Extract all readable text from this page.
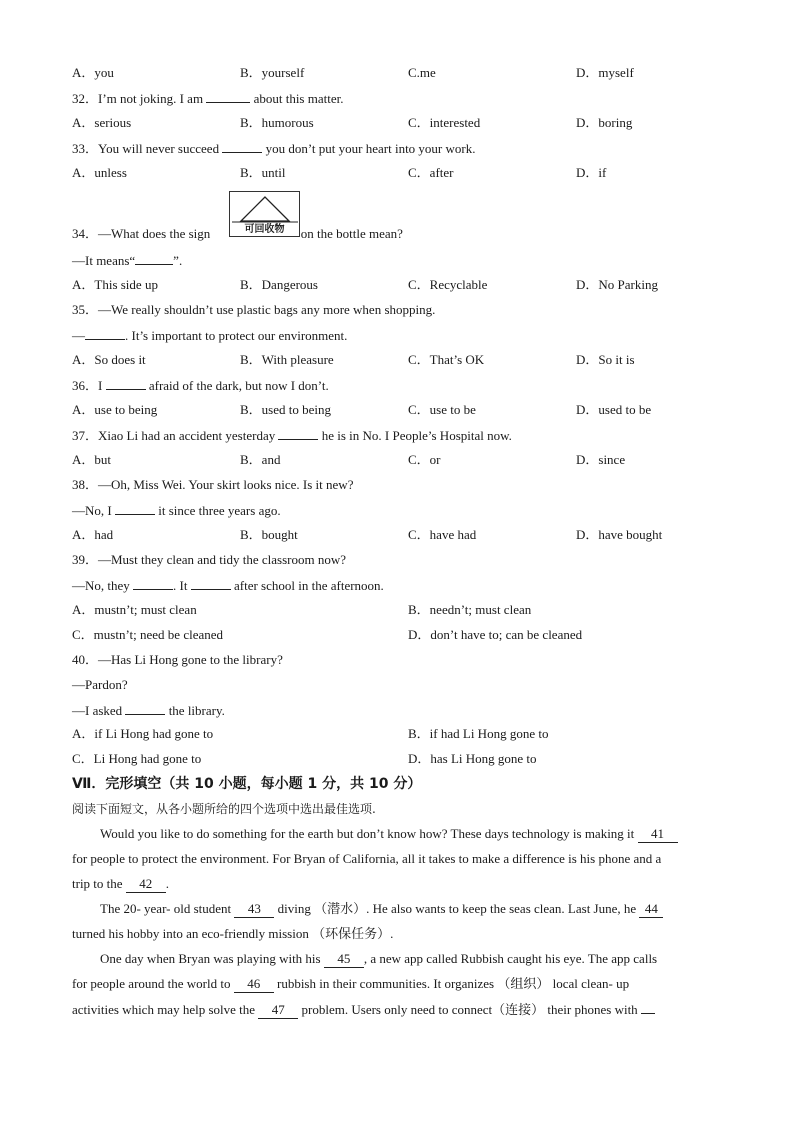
A．you	B．yourself	C.me	D．myself
32．I’m not joking. I am	about this matter.
A．serious	B．humorous	C．interested	D．boring
33．You will never succeed	you don’t put your heart into your work.
A．unless	B．until	C．after	D．if
可回收物
34．—What does the sign	on the bottle mean?
—It means“	”.
A．This side up	B．Dangerous	C．Recyclable	D．No Parking
35．—We really shouldn’t use plastic bags any more when shopping.
—	. It’s important to protect our environment.
A．So does it	B．With pleasure	C．That’s OK	D．So it is
36．I	afraid of the dark, but now I don’t.
A．use to being	B．used to being	C．use to be	D．used to be
37．Xiao Li had an accident yesterday	he is in No. I People’s Hospital now.
A．but	B．and	C．or	D．since
38．—Oh, Miss Wei. Your skirt looks nice. Is it new?
—No, I	it since three years ago.
A．had	B．bought	C．have had	D．have bought
39．—Must they clean and tidy the classroom now?
—No, they	. It	after school in the afternoon.
A．mustn’t; must clean	B．needn’t; must clean
C．mustn’t; need be cleaned	D．don’t have to; can be cleaned
40．—Has Li Hong gone to the library?
—Pardon?
—I asked	the library.
A．if Li Hong had gone to	B．if had Li Hong gone to
C．Li Hong had gone to	D．has Li Hong gone to
Ⅶ．完形填空（共 10 小题，每小题 1 分，共 10 分）
阅读下面短文，从各小题所给的四个选项中选出最佳选项.
Would you like to do something for the earth but don’t know how? These days technology is making it 41
for people to protect the environment. For Bryan of California, all it takes to make a difference is his phone and a
trip to the 42 .
The 20- year- old student 43 diving （潜水）. He also wants to keep the seas clean. Last June, he 44
turned his hobby into an eco-friendly mission （环保任务）.
One day when Bryan was playing with his 45 , a new app called Rubbish caught his eye. The app calls
for people around the world to 46 rubbish in their communities. It organizes （组织） local clean- up
activities which may help solve the 47 problem. Users only need to connect（连接） their phones with
